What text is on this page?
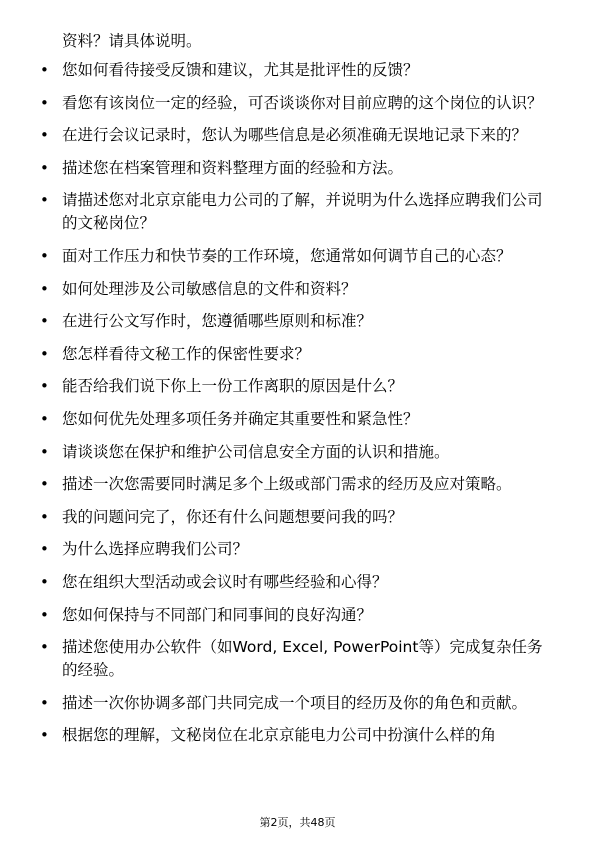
资料？请具体说明。
• 您如何看待接受反馈和建议，尤其是批评性的反馈？
• 看您有该岗位一定的经验，可否谈谈你对目前应聘的这个岗位的认识？
• 在进行会议记录时，您认为哪些信息是必须准确无误地记录下来的？
• 描述您在档案管理和资料整理方面的经验和方法。
• 请描述您对北京京能电力公司的了解，并说明为什么选择应聘我们公司的文秘岗位？
• 面对工作压力和快节奏的工作环境，您通常如何调节自己的心态？
• 如何处理涉及公司敏感信息的文件和资料？
• 在进行公文写作时，您遵循哪些原则和标准？
• 您怎样看待文秘工作的保密性要求？
• 能否给我们说下你上一份工作离职的原因是什么？
• 您如何优先处理多项任务并确定其重要性和紧急性？
• 请谈谈您在保护和维护公司信息安全方面的认识和措施。
• 描述一次您需要同时满足多个上级或部门需求的经历及应对策略。
• 我的问题问完了，你还有什么问题想要问我的吗？
• 为什么选择应聘我们公司？
• 您在组织大型活动或会议时有哪些经验和心得？
• 您如何保持与不同部门和同事间的良好沟通？
• 描述您使用办公软件（如Word, Excel, PowerPoint等）完成复杂任务的经验。
• 描述一次你协调多部门共同完成一个项目的经历及你的角色和贡献。
• 根据您的理解，文秘岗位在北京京能电力公司中扮演什么样的角
第2页，共48页
